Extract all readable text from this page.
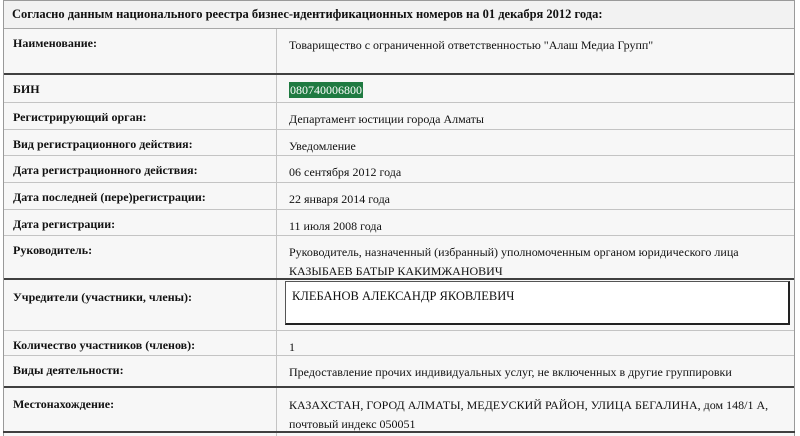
Согласно данным национального реестра бизнес-идентификационных номеров на 01 декабря 2012 года:
Наименование:	Товарищество с ограниченной ответственностью "Алаш Медиа Групп"
БИН	080740006800
Регистрирующий орган:	Департамент юстиции города Алматы
Вид регистрационного действия:	Уведомление
Дата регистрационного действия:	06 сентября 2012 года
Дата последней (пере)регистрации:	22 января 2014 года
Дата регистрации:	11 июля 2008 года
Руководитель:	Руководитель, назначенный (избранный) уполномоченным органом юридического лица
КАЗЫБАЕВ БАТЫР КАКИМЖАНОВИЧ
Учредители (участники, члены):	КЛЕБАНОВ АЛЕКСАНДР ЯКОВЛЕВИЧ
Количество участников (членов):	1
Виды деятельности:	Предоставление прочих индивидуальных услуг, не включенных в другие группировки
Местонахождение:	КАЗАХСТАН, ГОРОД АЛМАТЫ, МЕДЕУСКИЙ РАЙОН, УЛИЦА БЕГАЛИНА, дом 148/1 А,
почтовый индекс 050051
